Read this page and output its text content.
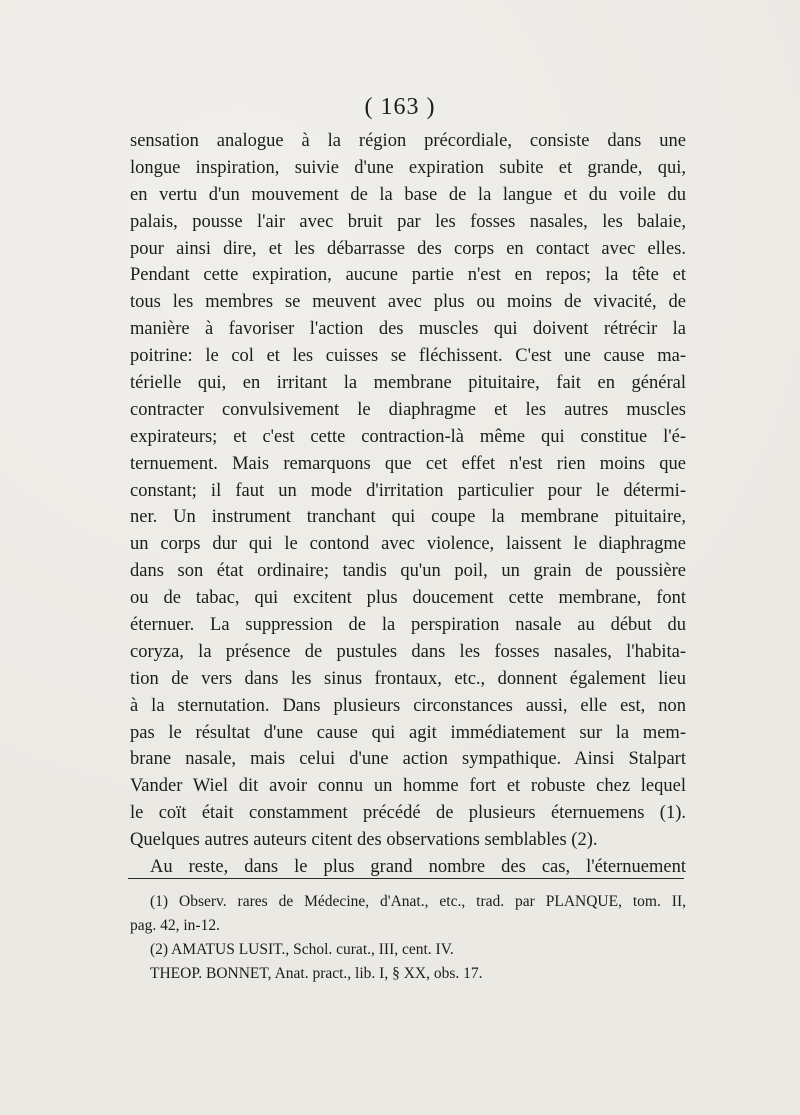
( 163 )
sensation analogue à la région précordiale, consiste dans une
longue inspiration, suivie d'une expiration subite et grande, qui,
en vertu d'un mouvement de la base de la langue et du voile du
palais, pousse l'air avec bruit par les fosses nasales, les balaie,
pour ainsi dire, et les débarrasse des corps en contact avec elles.
Pendant cette expiration, aucune partie n'est en repos; la tête et
tous les membres se meuvent avec plus ou moins de vivacité, de
manière à favoriser l'action des muscles qui doivent rétrécir la
poitrine: le col et les cuisses se fléchissent. C'est une cause ma-
térielle qui, en irritant la membrane pituitaire, fait en général
contracter convulsivement le diaphragme et les autres muscles
expirateurs; et c'est cette contraction-là même qui constitue l'é-
ternuement. Mais remarquons que cet effet n'est rien moins que
constant; il faut un mode d'irritation particulier pour le détermi-
ner. Un instrument tranchant qui coupe la membrane pituitaire,
un corps dur qui le contond avec violence, laissent le diaphragme
dans son état ordinaire; tandis qu'un poil, un grain de poussière
ou de tabac, qui excitent plus doucement cette membrane, font
éternuer. La suppression de la perspiration nasale au début du
coryza, la présence de pustules dans les fosses nasales, l'habita-
tion de vers dans les sinus frontaux, etc., donnent également lieu
à la sternutation. Dans plusieurs circonstances aussi, elle est, non
pas le résultat d'une cause qui agit immédiatement sur la mem-
brane nasale, mais celui d'une action sympathique. Ainsi Stalpart
Vander Wiel dit avoir connu un homme fort et robuste chez lequel
le coït était constamment précédé de plusieurs éternuemens (1).
Quelques autres auteurs citent des observations semblables (2).
Au reste, dans le plus grand nombre des cas, l'éternuement
(1) Observ. rares de Médecine, d'Anat., etc., trad. par PLANQUE, tom. II,
pag. 42, in-12.
(2) AMATUS LUSIT., Schol. curat., III, cent. IV.
THEOP. BONNET, Anat. pract., lib. I, § XX, obs. 17.
